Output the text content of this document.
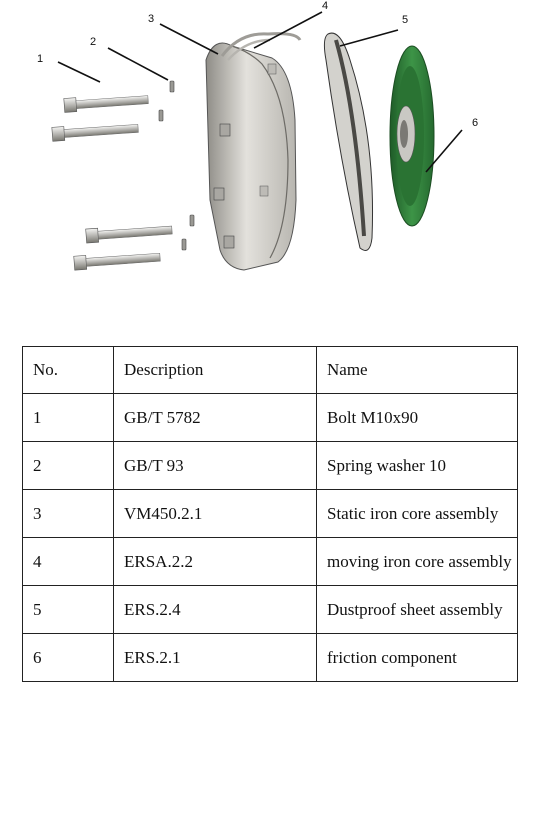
1
2
3
4
5
6
No.	Description	Name
1	GB/T 5782	Bolt M10x90
2	GB/T 93	Spring washer 10
3	VM450.2.1	Static iron core assembly
4	ERSA.2.2	moving iron core assembly
5	ERS.2.4	Dustproof sheet assembly
6	ERS.2.1	friction component
